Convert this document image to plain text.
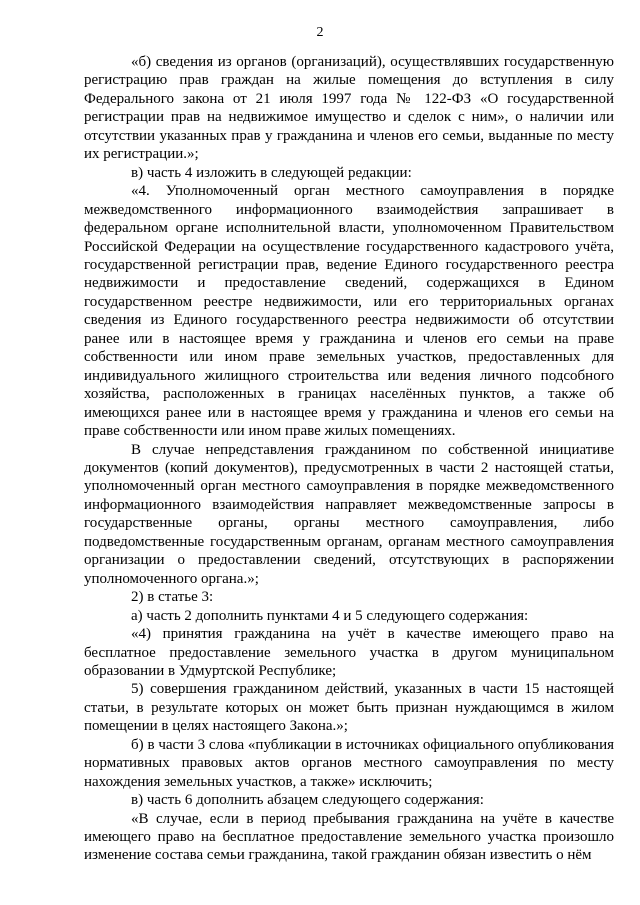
2

«б) сведения из органов (организаций), осуществлявших государственную регистрацию прав граждан на жилые помещения до вступления в силу Федерального закона от 21 июля 1997 года № 122-ФЗ «О государственной регистрации прав на недвижимое имущество и сделок с ним», о наличии или отсутствии указанных прав у гражданина и членов его семьи, выданные по месту их регистрации.»;

в) часть 4 изложить в следующей редакции:

«4. Уполномоченный орган местного самоуправления в порядке межведомственного информационного взаимодействия запрашивает в федеральном органе исполнительной власти, уполномоченном Правительством Российской Федерации на осуществление государственного кадастрового учёта, государственной регистрации прав, ведение Единого государственного реестра недвижимости и предоставление сведений, содержащихся в Едином государственном реестре недвижимости, или его территориальных органах сведения из Единого государственного реестра недвижимости об отсутствии ранее или в настоящее время у гражданина и членов его семьи на праве собственности или ином праве земельных участков, предоставленных для индивидуального жилищного строительства или ведения личного подсобного хозяйства, расположенных в границах населённых пунктов, а также об имеющихся ранее или в настоящее время у гражданина и членов его семьи на праве собственности или ином праве жилых помещениях.

В случае непредставления гражданином по собственной инициативе документов (копий документов), предусмотренных в части 2 настоящей статьи, уполномоченный орган местного самоуправления в порядке межведомственного информационного взаимодействия направляет межведомственные запросы в государственные органы, органы местного самоуправления, либо подведомственные государственным органам, органам местного самоуправления организации о предоставлении сведений, отсутствующих в распоряжении уполномоченного органа.»;

2) в статье 3:

а) часть 2 дополнить пунктами 4 и 5 следующего содержания:

«4) принятия гражданина на учёт в качестве имеющего право на бесплатное предоставление земельного участка в другом муниципальном образовании в Удмуртской Республике;

5) совершения гражданином действий, указанных в части 15 настоящей статьи, в результате которых он может быть признан нуждающимся в жилом помещении в целях настоящего Закона.»;

б) в части 3 слова «публикации в источниках официального опубликования нормативных правовых актов органов местного самоуправления по месту нахождения земельных участков, а также» исключить;

в) часть 6 дополнить абзацем следующего содержания:

«В случае, если в период пребывания гражданина на учёте в качестве имеющего право на бесплатное предоставление земельного участка произошло изменение состава семьи гражданина, такой гражданин обязан известить о нём
